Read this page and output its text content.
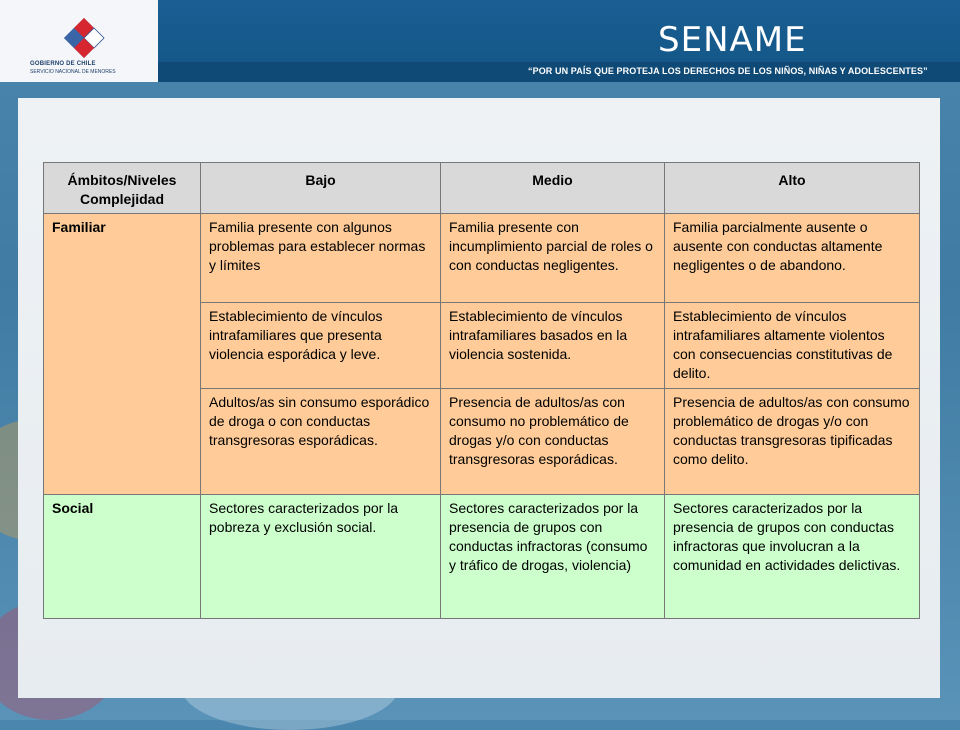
GOBIERNO DE CHILE
SERVICIO NACIONAL DE MENORES
SENAME
“POR UN PAÍS QUE PROTEJA LOS DERECHOS DE LOS NIÑOS, NIÑAS Y ADOLESCENTES”
Ámbitos/Niveles Complejidad	Bajo	Medio	Alto
Familiar	Familia presente con algunos problemas para establecer normas y límites	Familia presente con incumplimiento parcial de roles o con conductas negligentes.	Familia parcialmente ausente o ausente con conductas altamente negligentes o de abandono.
	Establecimiento de vínculos intrafamiliares que presenta violencia esporádica y leve.	Establecimiento de vínculos intrafamiliares basados en la violencia sostenida.	Establecimiento de vínculos intrafamiliares altamente violentos con consecuencias constitutivas de delito.
	Adultos/as sin consumo esporádico de droga o con conductas transgresoras esporádicas.	Presencia de adultos/as con consumo no problemático de drogas y/o con conductas transgresoras esporádicas.	Presencia de adultos/as con consumo problemático de drogas y/o con conductas transgresoras tipificadas como delito.
Social	Sectores caracterizados por la pobreza y exclusión social.	Sectores caracterizados por la presencia de grupos con conductas infractoras (consumo y tráfico de drogas, violencia)	Sectores caracterizados por la presencia de grupos con conductas infractoras que involucran a la comunidad en actividades delictivas.
